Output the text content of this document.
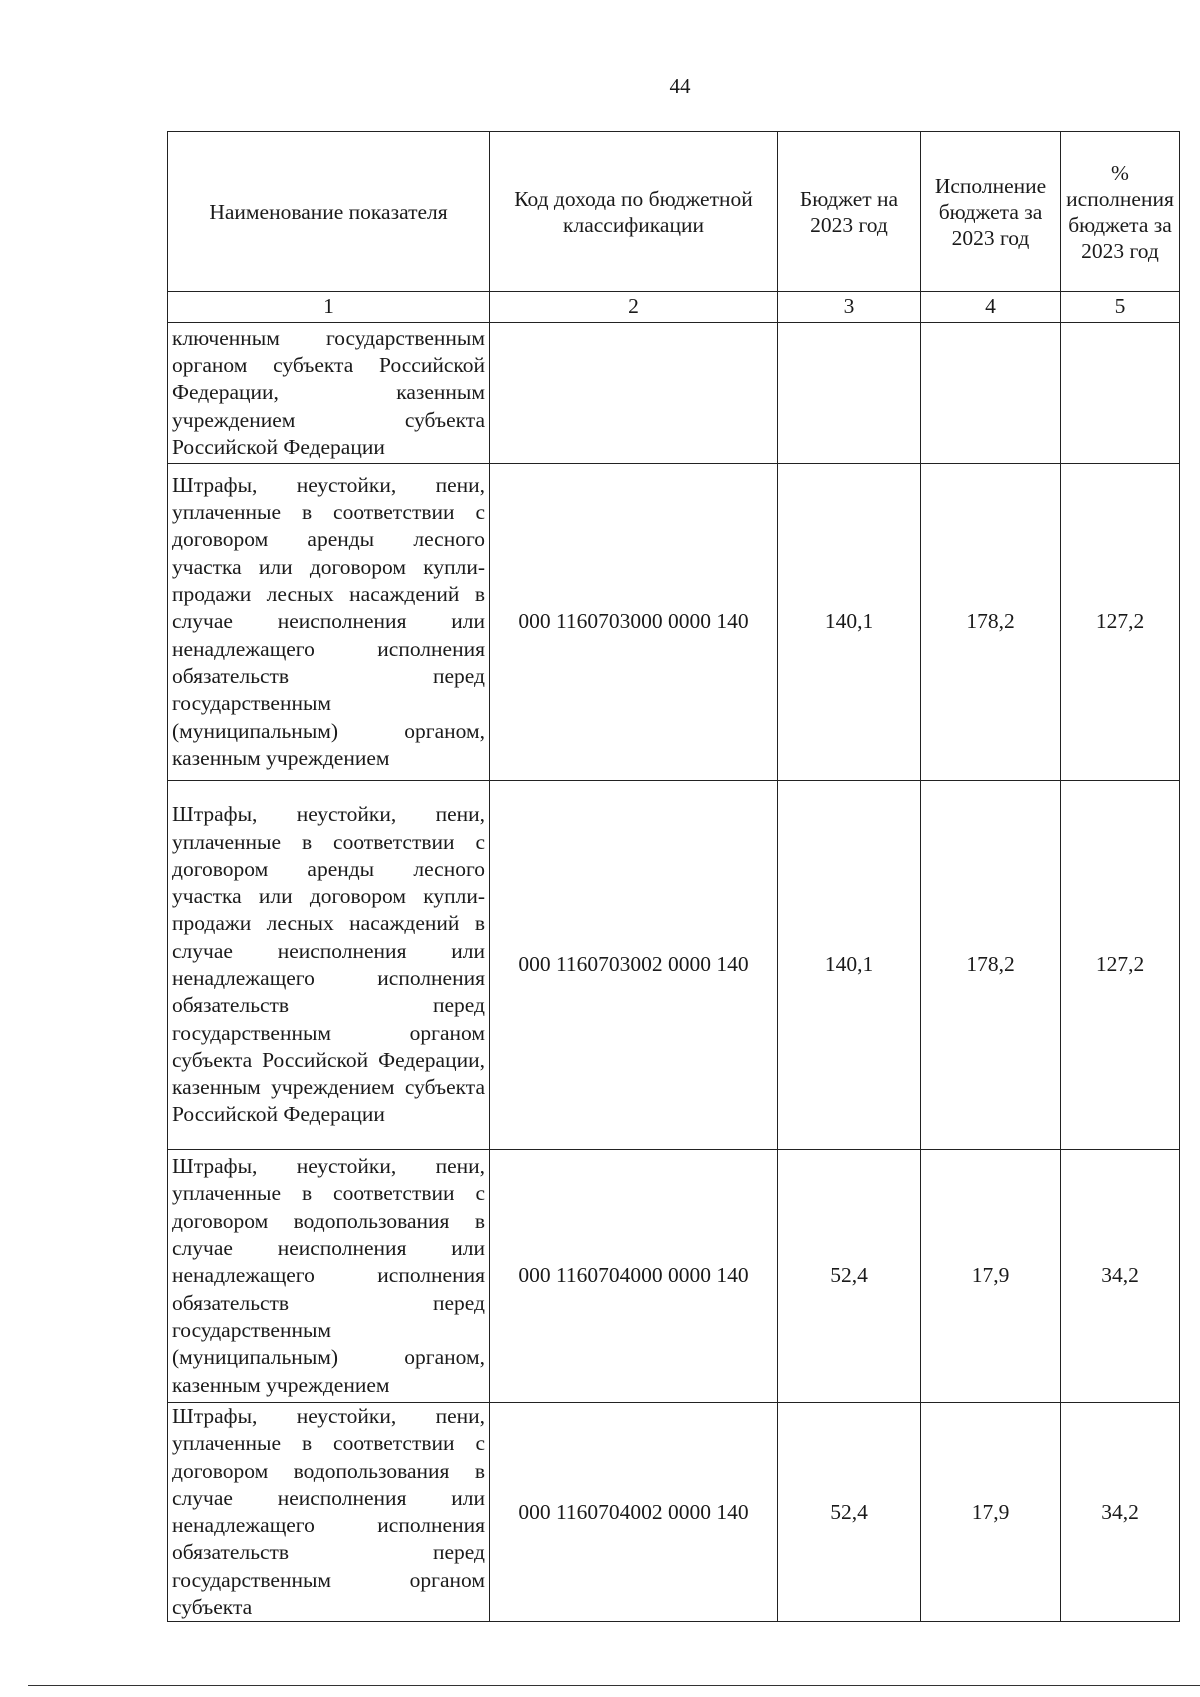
44
Наименование показателя	Код дохода по бюджетной классификации	Бюджет на 2023 год	Исполнение бюджета за 2023 год	% исполнения бюджета за 2023 год
1	2	3	4	5
ключенным государственным органом субъекта Российской Федерации, казенным учреждением субъекта Российской Федерации				
Штрафы, неустойки, пени, уплаченные в соответствии с договором аренды лесного участка или договором купли-продажи лесных насаждений в случае неисполнения или ненадлежащего исполнения обязательств перед государственным (муниципальным) органом, казенным учреждением	000 1160703000 0000 140	140,1	178,2	127,2
Штрафы, неустойки, пени, уплаченные в соответствии с договором аренды лесного участка или договором купли-продажи лесных насаждений в случае неисполнения или ненадлежащего исполнения обязательств перед государственным органом субъекта Российской Федерации, казенным учреждением субъекта Российской Федерации	000 1160703002 0000 140	140,1	178,2	127,2
Штрафы, неустойки, пени, уплаченные в соответствии с договором водопользования в случае неисполнения или ненадлежащего исполнения обязательств перед государственным (муниципальным) органом, казенным учреждением	000 1160704000 0000 140	52,4	17,9	34,2
Штрафы, неустойки, пени, уплаченные в соответствии с договором водопользования в случае неисполнения или ненадлежащего исполнения обязательств перед государственным органом субъекта	000 1160704002 0000 140	52,4	17,9	34,2
